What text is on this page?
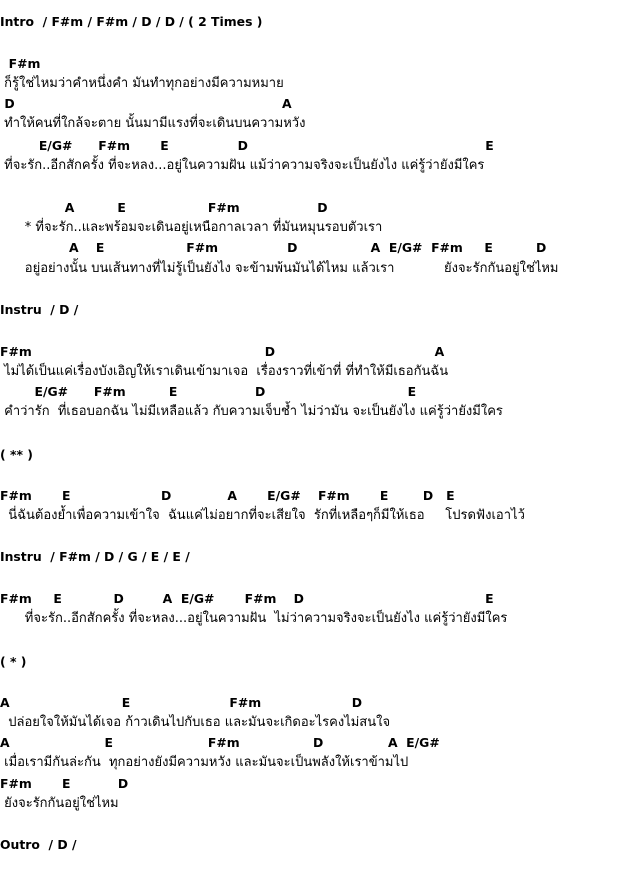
Intro  / F#m / F#m / D / D / ( 2 Times )
F#m
ก็รู้ใช่ไหมว่าคำหนึ่งคำ มันทำทุกอย่างมีความหมาย
D                                                              A
ทำให้คนที่ใกล้จะตาย นั้นมามีแรงที่จะเดินบนความหวัง
E/G#      F#m       E                D                                                       E
ที่จะรัก..อีกสักครั้ง ที่จะหลง...อยู่ในความฝัน แม้ว่าความจริงจะเป็นยังไง แค่รู้ว่ายังมีใคร
A          E                   F#m                  D
* ที่จะรัก..และพร้อมจะเดินอยู่เหนือกาลเวลา ที่มันหมุนรอบตัวเรา
A    E                   F#m                D                 A  E/G#  F#m     E          D
อยู่อย่างนั้น บนเส้นทางที่ไม่รู้เป็นยังไง จะข้ามพ้นมันได้ไหม แล้วเรา            ยังจะรักกันอยู่ใช่ไหม
Instru  / D /
F#m                                                      D                                     A
ไม่ได้เป็นแค่เรื่องบังเอิญให้เราเดินเข้ามาเจอ  เรื่องราวที่เข้าที่ ที่ทำให้มีเธอกันฉัน
E/G#      F#m          E                  D                                 E
คำว่ารัก  ที่เธอบอกฉัน ไม่มีเหลือแล้ว กับความเจ็บช้ำ ไม่ว่ามัน จะเป็นยังไง แค่รู้ว่ายังมีใคร
( ** )
F#m       E                     D             A       E/G#    F#m       E        D   E
นี่ฉันต้องย้ำเพื่อความเข้าใจ  ฉันแค่ไม่อยากที่จะเสียใจ  รักที่เหลือๆก็มีให้เธอ     โปรดฟังเอาไว้
Instru  / F#m / D / G / E / E /
F#m     E            D         A  E/G#       F#m    D                                          E
ที่จะรัก..อีกสักครั้ง ที่จะหลง...อยู่ในความฝัน  ไม่ว่าความจริงจะเป็นยังไง แค่รู้ว่ายังมีใคร
( * )
A                          E                       F#m                     D
ปล่อยใจให้มันได้เจอ ก้าวเดินไปกับเธอ และมันจะเกิดอะไรคงไม่สนใจ
A                      E                      F#m                 D               A  E/G#
เมื่อเรามีกันล่ะกัน  ทุกอย่างยังมีความหวัง และมันจะเป็นพลังให้เราข้ามไป
F#m       E           D
ยังจะรักกันอยู่ใช่ไหม
Outro  / D /
